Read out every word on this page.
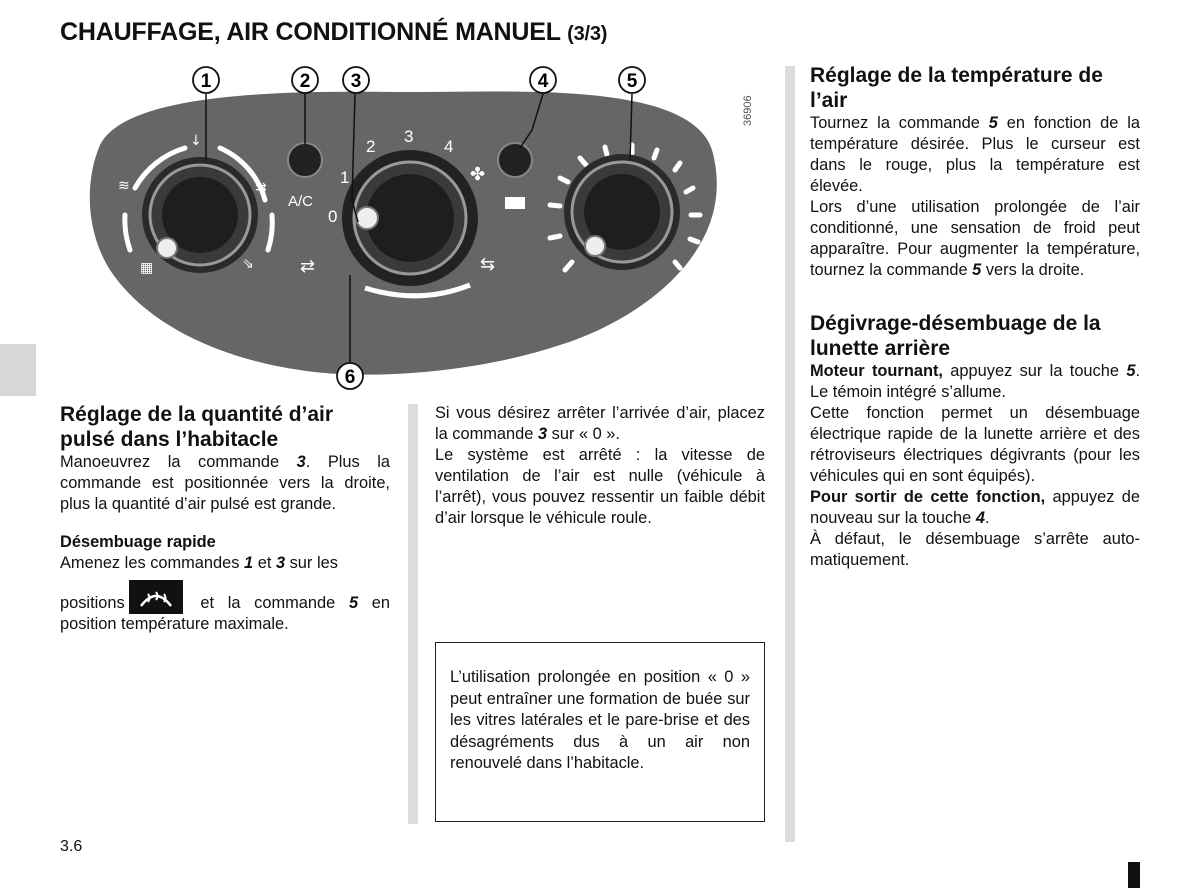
CHAUFFAGE, AIR CONDITIONNÉ MANUEL (3/3)
≋
▦
↓
⇉
⇘
A/C
0
1
2
3
4
✤
⇄	⇆
1	2 3	4	5
6
36906
Réglage de la quantité d’air pulsé dans l’habitacle

Manoeuvrez la commande 3. Plus la commande est positionnée vers la droite, plus la quantité d’air pulsé est grande.

Désembuage rapide

Amenez les commandes 1 et 3 sur les

positions	et la commande 5 en position température maximale.

Si vous désirez arrêter l’arrivée d’air, placez la commande 3 sur « 0 ».

Le système est arrêté : la vitesse de ventilation de l’air est nulle (véhicule à l’arrêt), vous pouvez ressentir un faible débit d’air lorsque le véhicule roule.

L’utilisation prolongée en position « 0 » peut entraîner une formation de buée sur les vitres latérales et le pare-brise et des désagréments dus à un air non renouvelé dans l’habitacle.
Réglage de la température de l’air

Tournez la commande 5 en fonction de la température désirée. Plus le curseur est dans le rouge, plus la température est élevée.

Lors d’une utilisation prolongée de l’air conditionné, une sensation de froid peut apparaître. Pour augmenter la température, tournez la commande 5 vers la droite.

Dégivrage-désembuage de la lunette arrière

Moteur tournant, appuyez sur la touche 5. Le témoin intégré s’allume.

Cette fonction permet un désembuage électrique rapide de la lunette arrière et des rétroviseurs électriques dégivrants (pour les véhicules qui en sont équipés).

Pour sortir de cette fonction, appuyez de nouveau sur la touche 4.

À défaut, le désembuage s’arrête automatiquement.

3.6
